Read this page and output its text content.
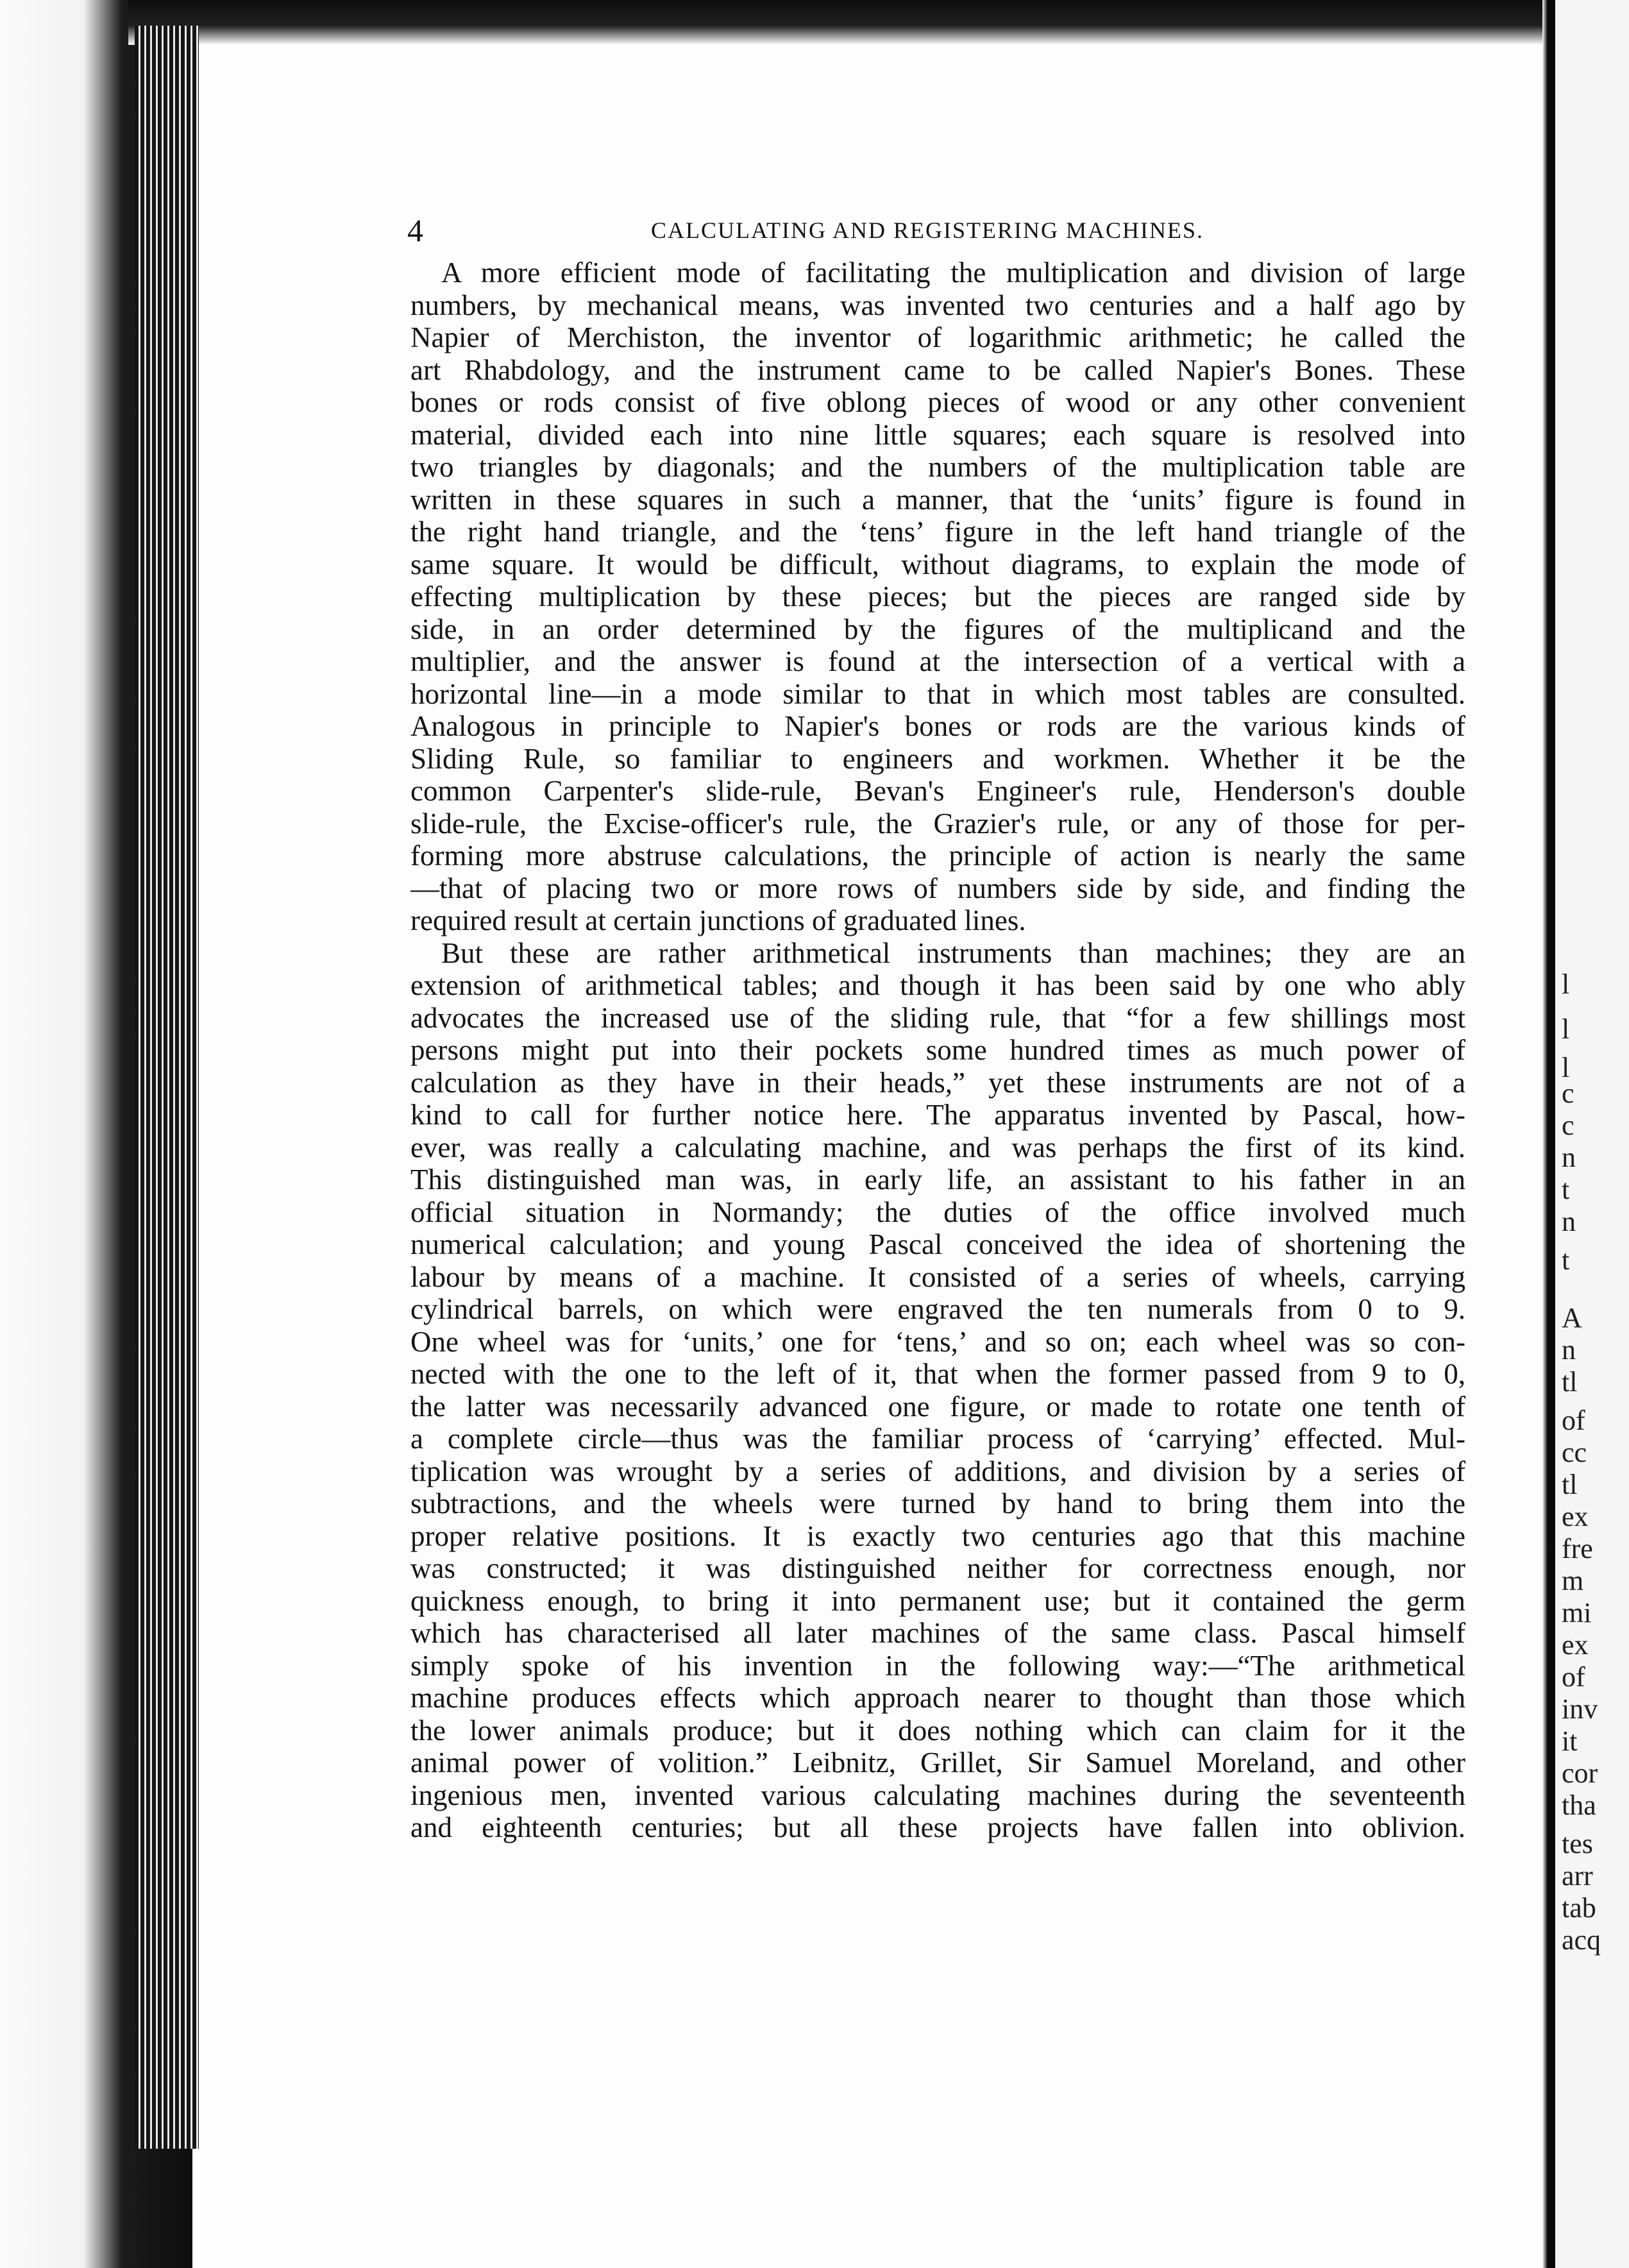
l
l
l
c
c
n
t
n
t
A
n
tl
of
cc
tl
ex
fre
m
mi
ex
of
inv
it
cor
tha
tes
arr
tab
acq
4	CALCULATING AND REGISTERING MACHINES.
A more efficient mode of facilitating the multiplication and division of large
numbers, by mechanical means, was invented two centuries and a half ago by
Napier of Merchiston, the inventor of logarithmic arithmetic; he called the
art Rhabdology, and the instrument came to be called Napier's Bones. These
bones or rods consist of five oblong pieces of wood or any other convenient
material, divided each into nine little squares; each square is resolved into
two triangles by diagonals; and the numbers of the multiplication table are
written in these squares in such a manner, that the ‘units’ figure is found in
the right hand triangle, and the ‘tens’ figure in the left hand triangle of the
same square. It would be difficult, without diagrams, to explain the mode of
effecting multiplication by these pieces; but the pieces are ranged side by
side, in an order determined by the figures of the multiplicand and the
multiplier, and the answer is found at the intersection of a vertical with a
horizontal line—in a mode similar to that in which most tables are consulted.
Analogous in principle to Napier's bones or rods are the various kinds of
Sliding Rule, so familiar to engineers and workmen. Whether it be the
common Carpenter's slide-rule, Bevan's Engineer's rule, Henderson's double
slide-rule, the Excise-officer's rule, the Grazier's rule, or any of those for per-
forming more abstruse calculations, the principle of action is nearly the same
—that of placing two or more rows of numbers side by side, and finding the
required result at certain junctions of graduated lines.
But these are rather arithmetical instruments than machines; they are an
extension of arithmetical tables; and though it has been said by one who ably
advocates the increased use of the sliding rule, that “for a few shillings most
persons might put into their pockets some hundred times as much power of
calculation as they have in their heads,” yet these instruments are not of a
kind to call for further notice here. The apparatus invented by Pascal, how-
ever, was really a calculating machine, and was perhaps the first of its kind.
This distinguished man was, in early life, an assistant to his father in an
official situation in Normandy; the duties of the office involved much
numerical calculation; and young Pascal conceived the idea of shortening the
labour by means of a machine. It consisted of a series of wheels, carrying
cylindrical barrels, on which were engraved the ten numerals from 0 to 9.
One wheel was for ‘units,’ one for ‘tens,’ and so on; each wheel was so con-
nected with the one to the left of it, that when the former passed from 9 to 0,
the latter was necessarily advanced one figure, or made to rotate one tenth of
a complete circle—thus was the familiar process of ‘carrying’ effected. Mul-
tiplication was wrought by a series of additions, and division by a series of
subtractions, and the wheels were turned by hand to bring them into the
proper relative positions. It is exactly two centuries ago that this machine
was constructed; it was distinguished neither for correctness enough, nor
quickness enough, to bring it into permanent use; but it contained the germ
which has characterised all later machines of the same class. Pascal himself
simply spoke of his invention in the following way:—“The arithmetical
machine produces effects which approach nearer to thought than those which
the lower animals produce; but it does nothing which can claim for it the
animal power of volition.” Leibnitz, Grillet, Sir Samuel Moreland, and other
ingenious men, invented various calculating machines during the seventeenth
and eighteenth centuries; but all these projects have fallen into oblivion.
